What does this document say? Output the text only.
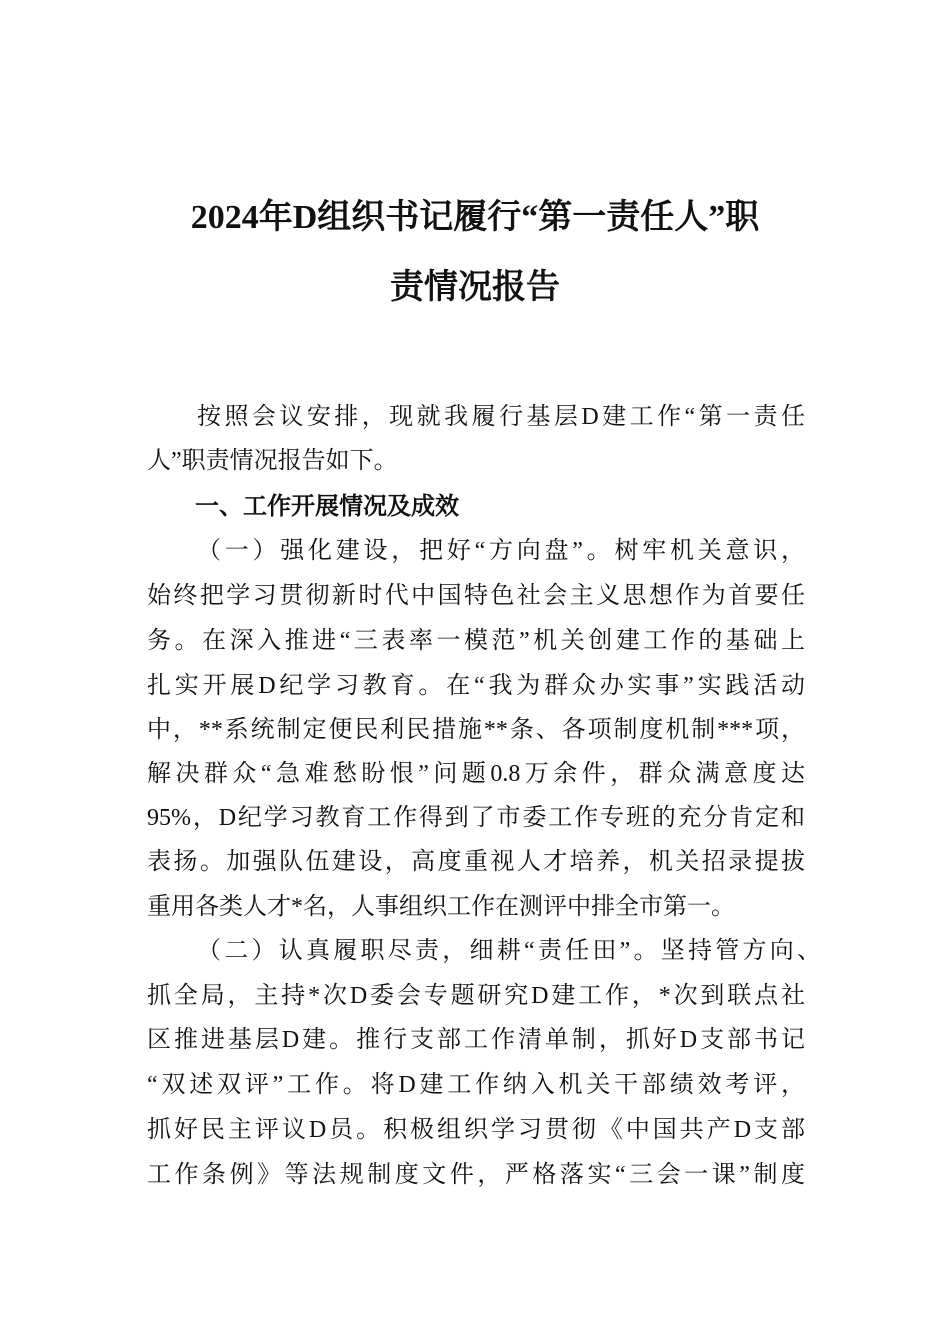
2024年D组织书记履行“第一责任人”职
责情况报告
按照会议安排，现就我履行基层D建工作“第一责任
人”职责情况报告如下。
一、工作开展情况及成效
（一）强化建设，把好“方向盘”。树牢机关意识，
始终把学习贯彻新时代中国特色社会主义思想作为首要任
务。在深入推进“三表率一模范”机关创建工作的基础上
扎实开展D纪学习教育。在“我为群众办实事”实践活动
中，**系统制定便民利民措施**条、各项制度机制***项，
解决群众“急难愁盼恨”问题0.8万余件，群众满意度达
95%，D纪学习教育工作得到了市委工作专班的充分肯定和
表扬。加强队伍建设，高度重视人才培养，机关招录提拔
重用各类人才*名，人事组织工作在测评中排全市第一。
（二）认真履职尽责，细耕“责任田”。坚持管方向、
抓全局，主持*次D委会专题研究D建工作，*次到联点社
区推进基层D建。推行支部工作清单制，抓好D支部书记
“双述双评”工作。将D建工作纳入机关干部绩效考评，
抓好民主评议D员。积极组织学习贯彻《中国共产D支部
工作条例》等法规制度文件，严格落实“三会一课”制度
